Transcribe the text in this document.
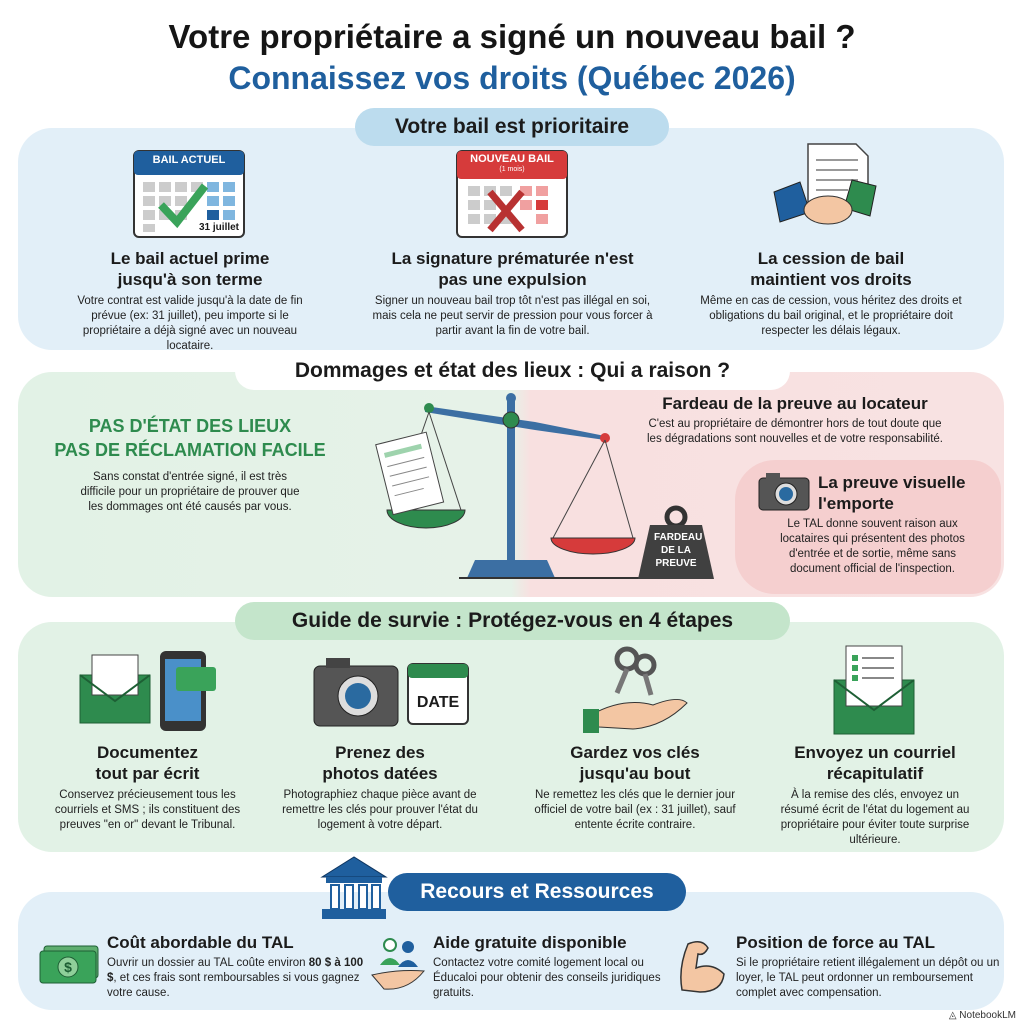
Votre propriétaire a signé un nouveau bail ?
Connaissez vos droits (Québec 2026)
Votre bail est prioritaire
BAIL ACTUEL
31 juillet
NOUVEAU BAIL
(1 mois)
Le bail actuel prime jusqu'à son terme
Votre contrat est valide jusqu'à la date de fin prévue (ex: 31 juillet), peu importe si le propriétaire a déjà signé avec un nouveau locataire.
La signature prématurée n'est pas une expulsion
Signer un nouveau bail trop tôt n'est pas illégal en soi, mais cela ne peut servir de pression pour vous forcer à partir avant la fin de votre bail.
La cession de bail maintient vos droits
Même en cas de cession, vous héritez des droits et obligations du bail original, et le propriétaire doit respecter les délais légaux.
Dommages et état des lieux : Qui a raison ?
PAS D'ÉTAT DES LIEUX
PAS DE RÉCLAMATION FACILE
Sans constat d'entrée signé, il est très difficile pour un propriétaire de prouver que les dommages ont été causés par vous.
FARDEAU DE LA PREUVE
Fardeau de la preuve au locateur
C'est au propriétaire de démontrer hors de tout doute que les dégradations sont nouvelles et de votre responsabilité.
La preuve visuelle l'emporte
Le TAL donne souvent raison aux locataires qui présentent des photos d'entrée et de sortie, même sans document official de l'inspection.
Guide de survie : Protégez-vous en 4 étapes
DATE
Documentez tout par écrit
Conservez précieusement tous les courriels et SMS ; ils constituent des preuves "en or" devant le Tribunal.
Prenez des photos datées
Photographiez chaque pièce avant de remettre les clés pour prouver l'état du logement à votre départ.
Gardez vos clés jusqu'au bout
Ne remettez les clés que le dernier jour officiel de votre bail (ex : 31 juillet), sauf entente écrite contraire.
Envoyez un courriel récapitulatif
À la remise des clés, envoyez un résumé écrit de l'état du logement au propriétaire pour éviter toute surprise ultérieure.
Recours et Ressources
$
Coût abordable du TAL
Ouvrir un dossier au TAL coûte environ 80 $ à 100 $, et ces frais sont remboursables si vous gagnez votre cause.
Aide gratuite disponible
Contactez votre comité logement local ou Éducaloi pour obtenir des conseils juridiques gratuits.
Position de force au TAL
Si le propriétaire retient illégalement un dépôt ou un loyer, le TAL peut ordonner un remboursement complet avec compensation.
◬ NotebookLM
